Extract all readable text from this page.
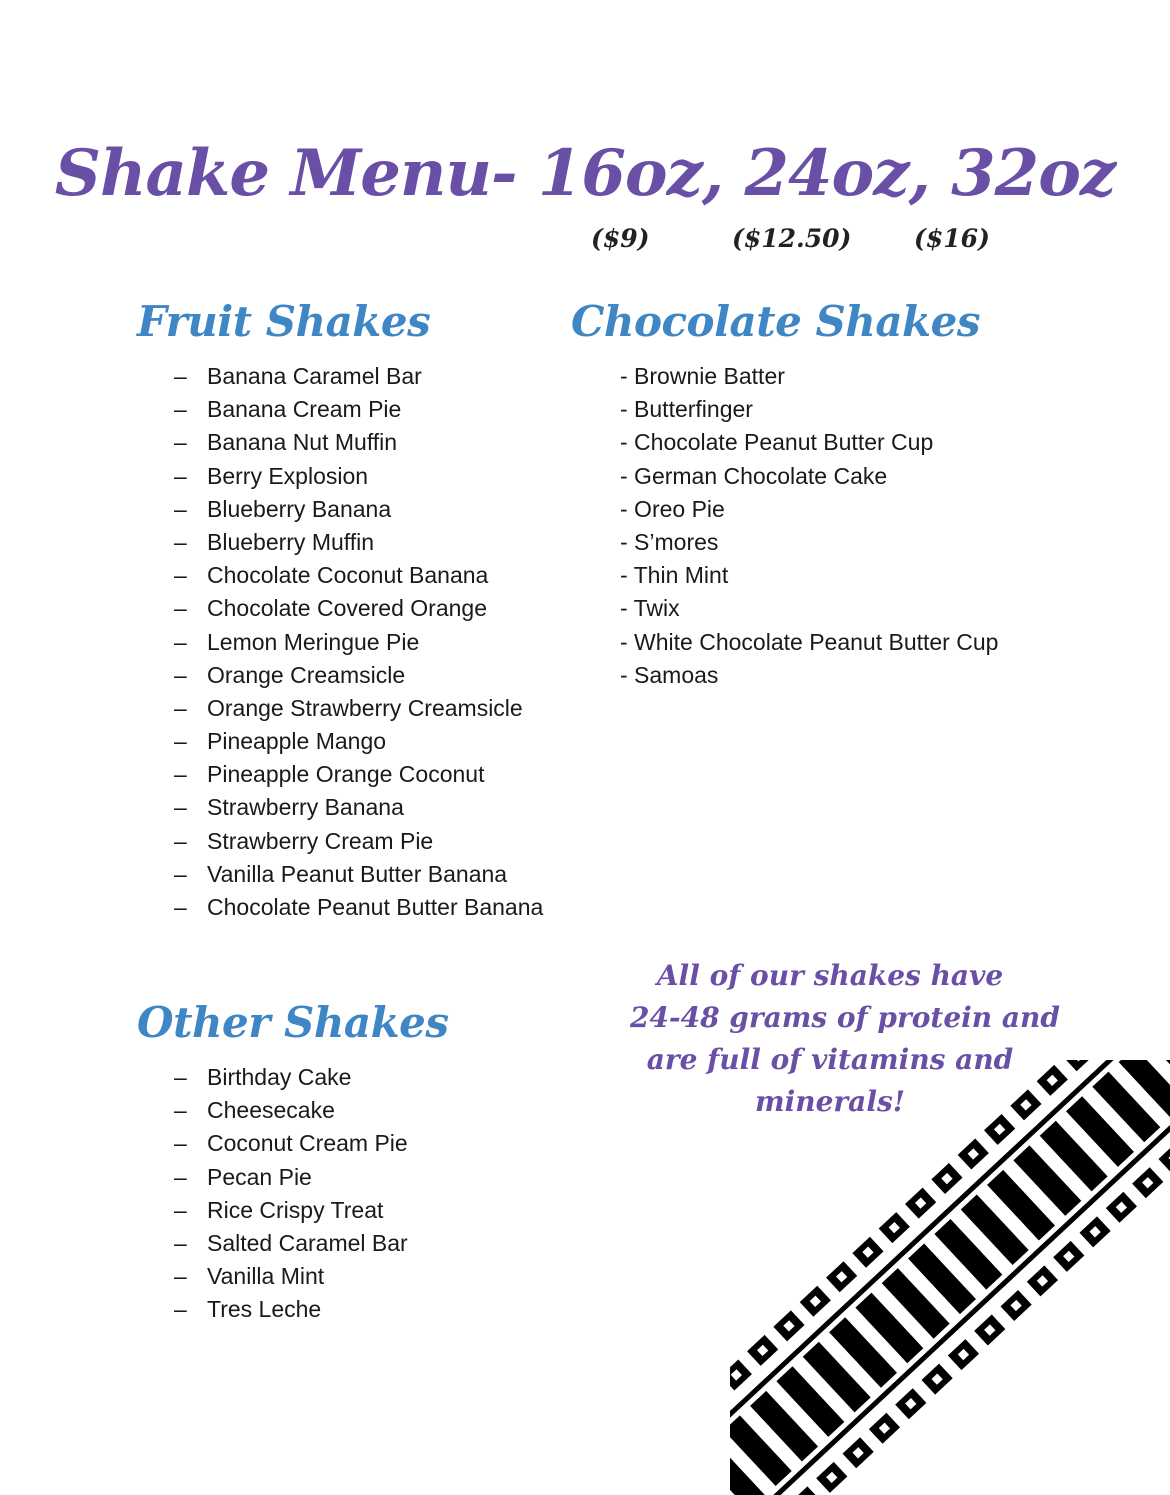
Shake Menu- 16oz, 24oz, 32oz
($9)	($12.50)	($16)
Fruit Shakes
– Banana Caramel Bar
– Banana Cream Pie
– Banana Nut Muffin
– Berry Explosion
– Blueberry Banana
– Blueberry Muffin
– Chocolate Coconut Banana
– Chocolate Covered Orange
– Lemon Meringue Pie
– Orange Creamsicle
– Orange Strawberry Creamsicle
– Pineapple Mango
– Pineapple Orange Coconut
– Strawberry Banana
– Strawberry Cream Pie
– Vanilla Peanut Butter Banana
– Chocolate Peanut Butter Banana
Chocolate Shakes
- Brownie Batter
- Butterfinger
- Chocolate Peanut Butter Cup
- German Chocolate Cake
- Oreo Pie
- S’mores
- Thin Mint
- Twix
- White Chocolate Peanut Butter Cup
- Samoas
Other Shakes
– Birthday Cake
– Cheesecake
– Coconut Cream Pie
– Pecan Pie
– Rice Crispy Treat
– Salted Caramel Bar
– Vanilla Mint
– Tres Leche
All of our shakes have
24-48 grams of protein and
are full of vitamins and
minerals!
